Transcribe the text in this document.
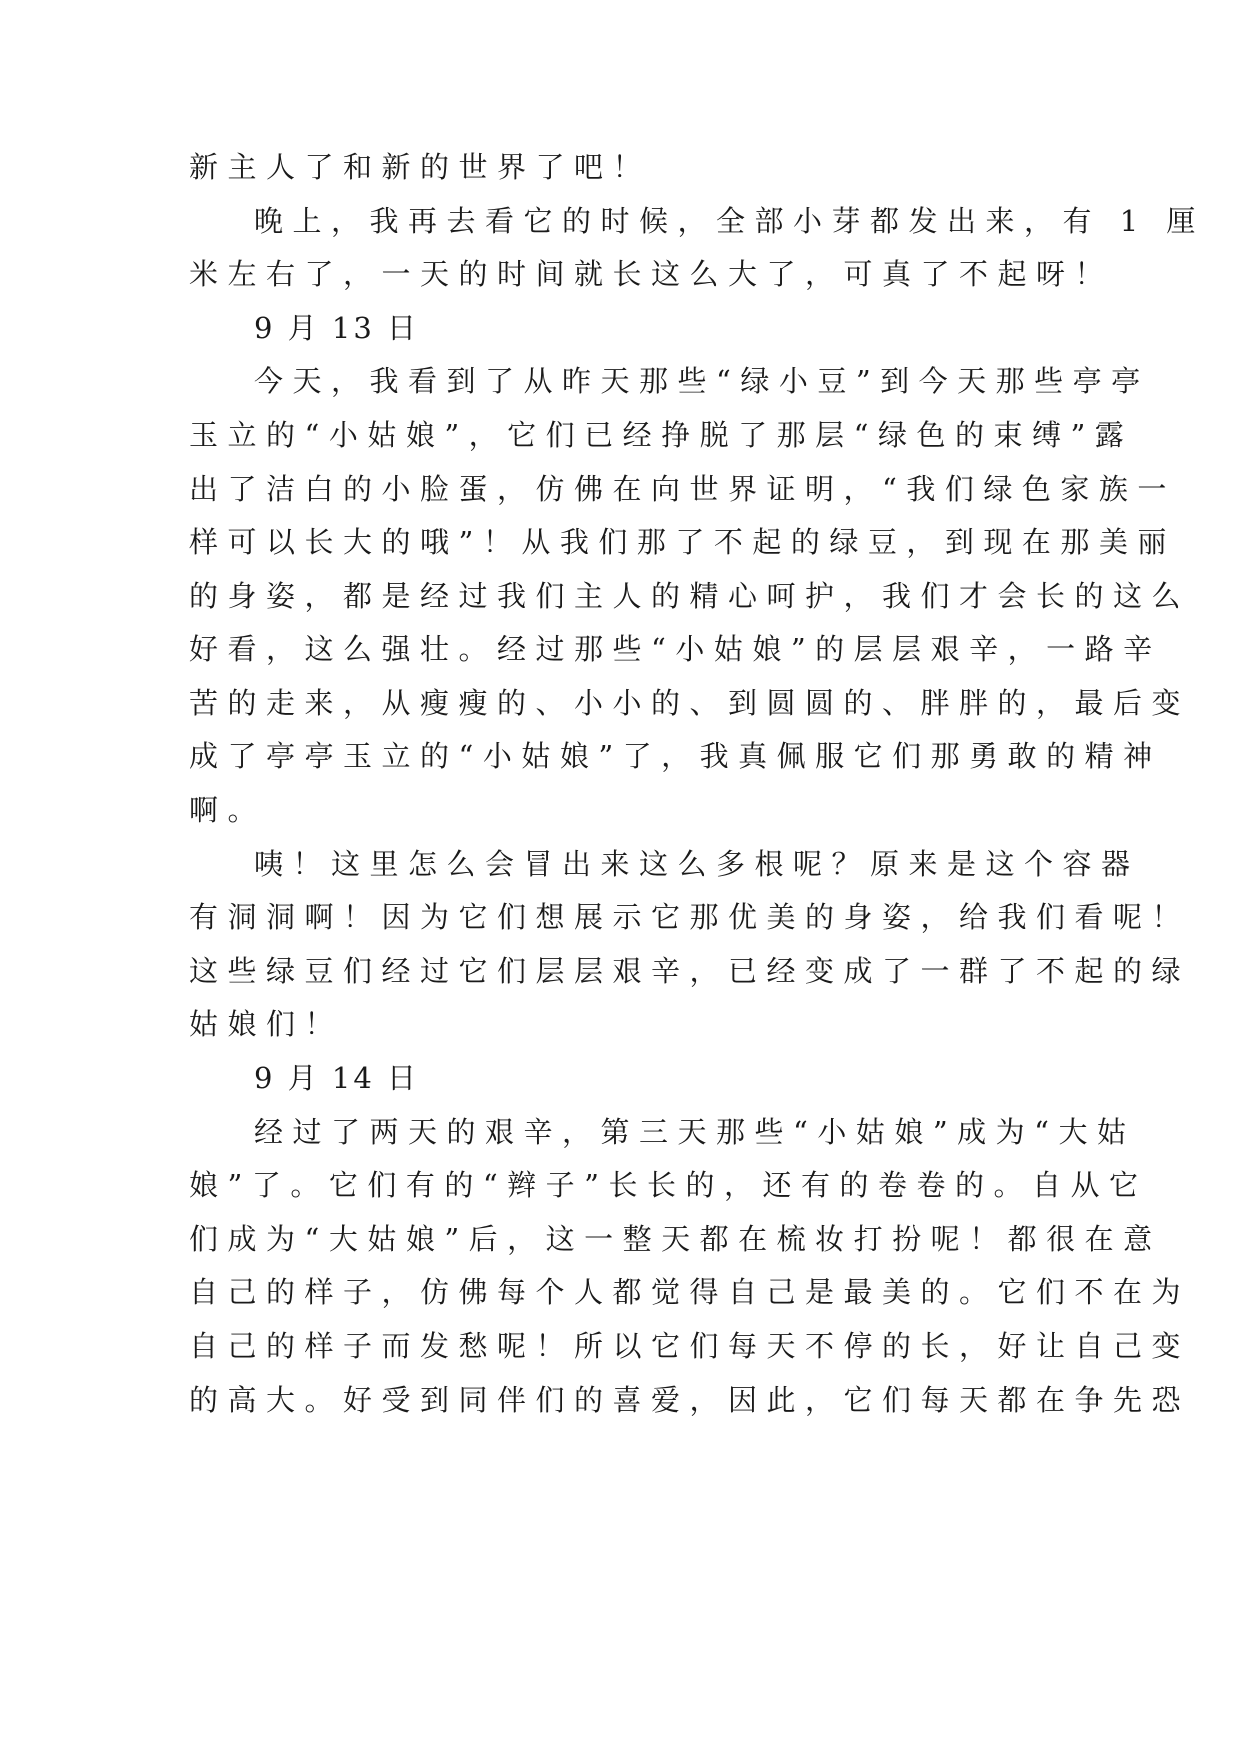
新主人了和新的世界了吧！
晚上，我再去看它的时候，全部小芽都发出来，有 1 厘
米左右了，一天的时间就长这么大了，可真了不起呀！
9 月 13 日
今天，我看到了从昨天那些“绿小豆”到今天那些亭亭
玉立的“小姑娘”，它们已经挣脱了那层“绿色的束缚”露
出了洁白的小脸蛋，仿佛在向世界证明，“我们绿色家族一
样可以长大的哦”！从我们那了不起的绿豆，到现在那美丽
的身姿，都是经过我们主人的精心呵护，我们才会长的这么
好看，这么强壮。经过那些“小姑娘”的层层艰辛，一路辛
苦的走来，从瘦瘦的、小小的、到圆圆的、胖胖的，最后变
成了亭亭玉立的“小姑娘”了，我真佩服它们那勇敢的精神
啊。
咦！这里怎么会冒出来这么多根呢？原来是这个容器
有洞洞啊！因为它们想展示它那优美的身姿，给我们看呢！
这些绿豆们经过它们层层艰辛，已经变成了一群了不起的绿
姑娘们！
9 月 14 日
经过了两天的艰辛，第三天那些“小姑娘”成为“大姑
娘”了。它们有的“辫子”长长的，还有的卷卷的。自从它
们成为“大姑娘”后，这一整天都在梳妆打扮呢！都很在意
自己的样子，仿佛每个人都觉得自己是最美的。它们不在为
自己的样子而发愁呢！所以它们每天不停的长，好让自己变
的高大。好受到同伴们的喜爱，因此，它们每天都在争先恐
